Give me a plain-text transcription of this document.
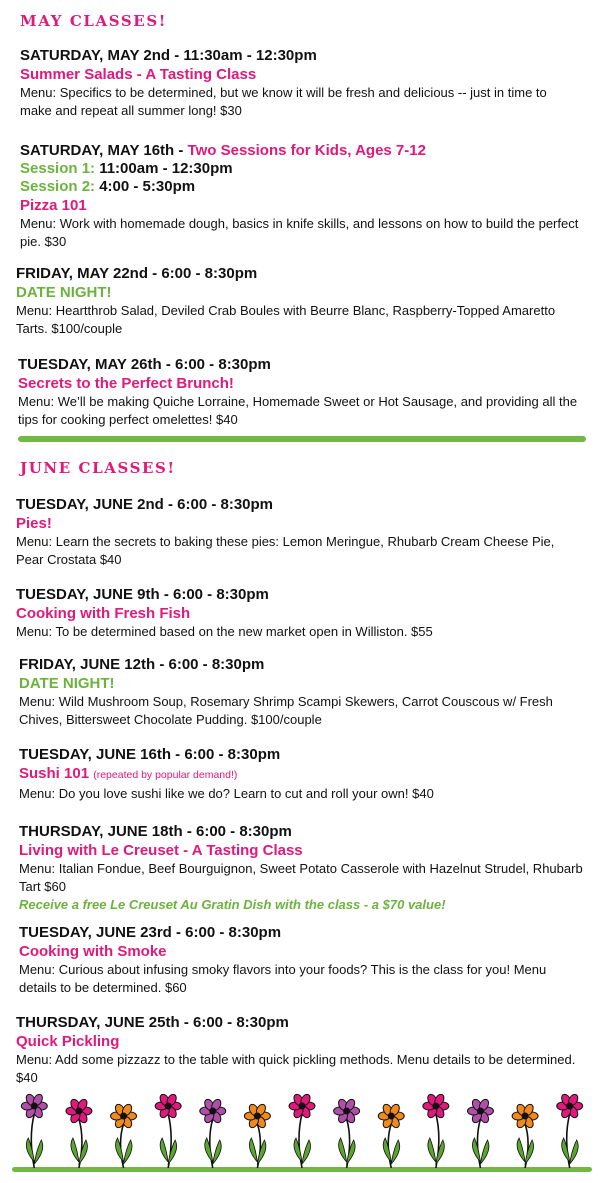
MAY CLASSES!
SATURDAY, MAY 2nd - 11:30am - 12:30pm
Summer Salads - A Tasting Class
Menu: Specifics to be determined, but we know it will be fresh and delicious -- just in time to make and repeat all summer long! $30
SATURDAY, MAY 16th - Two Sessions for Kids, Ages 7-12
Session 1: 11:00am - 12:30pm
Session 2: 4:00 - 5:30pm
Pizza 101
Menu: Work with homemade dough, basics in knife skills, and lessons on how to build the perfect pie. $30
FRIDAY, MAY 22nd - 6:00 - 8:30pm
DATE NIGHT!
Menu: Heartthrob Salad, Deviled Crab Boules with Beurre Blanc, Raspberry-Topped Amaretto Tarts. $100/couple
TUESDAY, MAY 26th - 6:00 - 8:30pm
Secrets to the Perfect Brunch!
Menu: We’ll be making Quiche Lorraine, Homemade Sweet or Hot Sausage, and providing all the tips for cooking perfect omelettes! $40
JUNE CLASSES!
TUESDAY, JUNE 2nd - 6:00 - 8:30pm
Pies!
Menu: Learn the secrets to baking these pies: Lemon Meringue, Rhubarb Cream Cheese Pie, Pear Crostata $40
TUESDAY, JUNE 9th - 6:00 - 8:30pm
Cooking with Fresh Fish
Menu: To be determined based on the new market open in Williston. $55
FRIDAY, JUNE 12th - 6:00 - 8:30pm
DATE NIGHT!
Menu: Wild Mushroom Soup, Rosemary Shrimp Scampi Skewers, Carrot Couscous w/ Fresh Chives, Bittersweet Chocolate Pudding. $100/couple
TUESDAY, JUNE 16th - 6:00 - 8:30pm
Sushi 101 (repeated by popular demand!)
Menu: Do you love sushi like we do? Learn to cut and roll your own! $40
THURSDAY, JUNE 18th - 6:00 - 8:30pm
Living with Le Creuset - A Tasting Class
Menu: Italian Fondue, Beef Bourguignon, Sweet Potato Casserole with Hazelnut Strudel, Rhubarb Tart $60
Receive a free Le Creuset Au Gratin Dish with the class - a $70 value!
TUESDAY, JUNE 23rd - 6:00 - 8:30pm
Cooking with Smoke
Menu: Curious about infusing smoky flavors into your foods? This is the class for you! Menu details to be determined. $60
THURSDAY, JUNE 25th - 6:00 - 8:30pm
Quick Pickling
Menu: Add some pizzazz to the table with quick pickling methods. Menu details to be determined. $40
